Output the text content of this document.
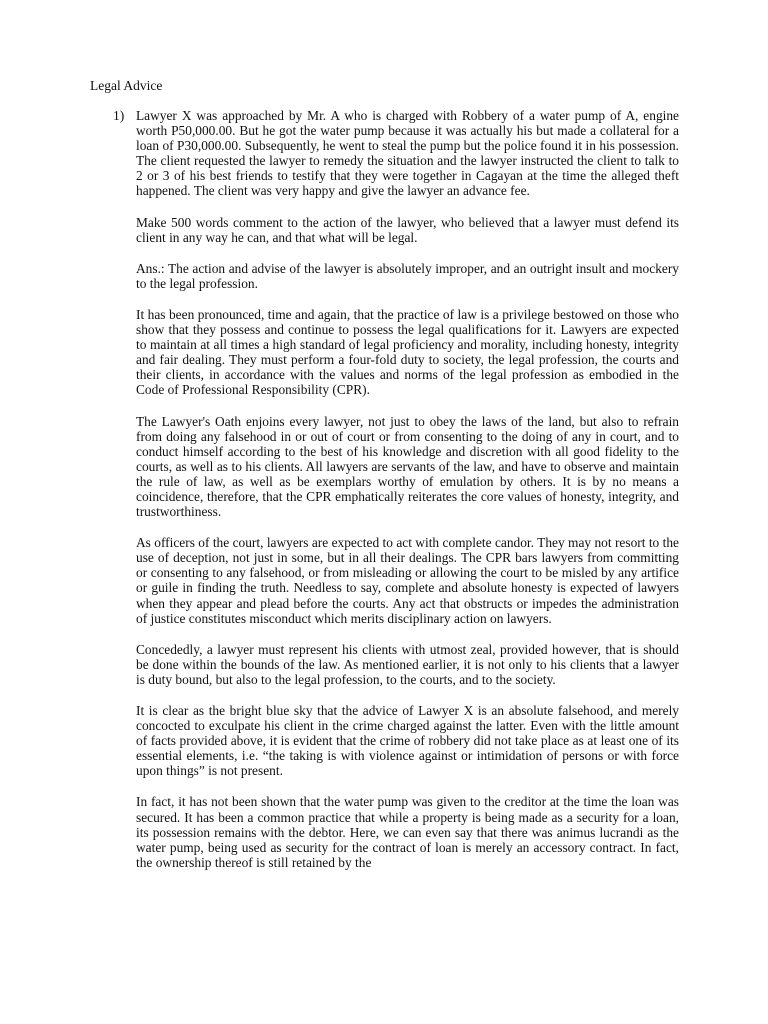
Legal Advice
1) Lawyer X was approached by Mr. A who is charged with Robbery of a water pump of A, engine worth P50,000.00. But he got the water pump because it was actually his but made a collateral for a loan of P30,000.00. Subsequently, he went to steal the pump but the police found it in his possession. The client requested the lawyer to remedy the situation and the lawyer instructed the client to talk to 2 or 3 of his best friends to testify that they were together in Cagayan at the time the alleged theft happened. The client was very happy and give the lawyer an advance fee.

Make 500 words comment to the action of the lawyer, who believed that a lawyer must defend its client in any way he can, and that what will be legal.

Ans.: The action and advise of the lawyer is absolutely improper, and an outright insult and mockery to the legal profession.

It has been pronounced, time and again, that the practice of law is a privilege bestowed on those who show that they possess and continue to possess the legal qualifications for it. Lawyers are expected to maintain at all times a high standard of legal proficiency and morality, including honesty, integrity and fair dealing. They must perform a four-fold duty to society, the legal profession, the courts and their clients, in accordance with the values and norms of the legal profession as embodied in the Code of Professional Responsibility (CPR).

The Lawyer's Oath enjoins every lawyer, not just to obey the laws of the land, but also to refrain from doing any falsehood in or out of court or from consenting to the doing of any in court, and to conduct himself according to the best of his knowledge and discretion with all good fidelity to the courts, as well as to his clients. All lawyers are servants of the law, and have to observe and maintain the rule of law, as well as be exemplars worthy of emulation by others. It is by no means a coincidence, therefore, that the CPR emphatically reiterates the core values of honesty, integrity, and trustworthiness.

As officers of the court, lawyers are expected to act with complete candor. They may not resort to the use of deception, not just in some, but in all their dealings. The CPR bars lawyers from committing or consenting to any falsehood, or from misleading or allowing the court to be misled by any artifice or guile in finding the truth. Needless to say, complete and absolute honesty is expected of lawyers when they appear and plead before the courts. Any act that obstructs or impedes the administration of justice constitutes misconduct which merits disciplinary action on lawyers.

Concededly, a lawyer must represent his clients with utmost zeal, provided however, that is should be done within the bounds of the law. As mentioned earlier, it is not only to his clients that a lawyer is duty bound, but also to the legal profession, to the courts, and to the society.

It is clear as the bright blue sky that the advice of Lawyer X is an absolute falsehood, and merely concocted to exculpate his client in the crime charged against the latter. Even with the little amount of facts provided above, it is evident that the crime of robbery did not take place as at least one of its essential elements, i.e. “the taking is with violence against or intimidation of persons or with force upon things” is not present.

In fact, it has not been shown that the water pump was given to the creditor at the time the loan was secured. It has been a common practice that while a property is being made as a security for a loan, its possession remains with the debtor. Here, we can even say that there was animus lucrandi as the water pump, being used as security for the contract of loan is merely an accessory contract. In fact, the ownership thereof is still retained by the
